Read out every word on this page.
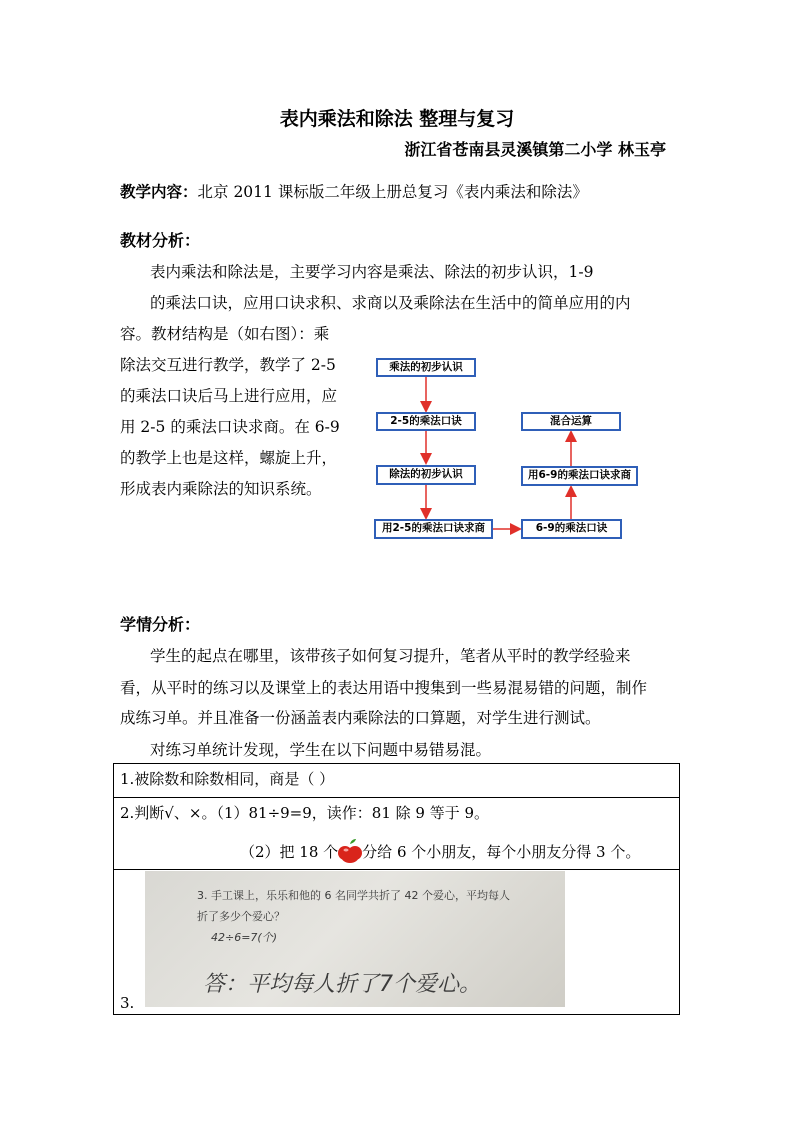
表内乘法和除法 整理与复习
浙江省苍南县灵溪镇第二小学 林玉亭
教学内容：北京 2011 课标版二年级上册总复习《表内乘法和除法》
教材分析：
表内乘法和除法是，主要学习内容是乘法、除法的初步认识，1-9
的乘法口诀，应用口诀求积、求商以及乘除法在生活中的简单应用的内
容。教材结构是（如右图）：乘
除法交互进行教学，教学了 2-5
的乘法口诀后马上进行应用，应
用 2-5 的乘法口诀求商。在 6-9
的教学上也是这样，螺旋上升，
形成表内乘除法的知识系统。
乘法的初步认识
2-5的乘法口诀
除法的初步认识
用2-5的乘法口诀求商	6-9的乘法口诀
用6-9的乘法口诀求商
混合运算
学情分析：
学生的起点在哪里，该带孩子如何复习提升，笔者从平时的教学经验来
看，从平时的练习以及课堂上的表达用语中搜集到一些易混易错的问题，制作
成练习单。并且准备一份涵盖表内乘除法的口算题，对学生进行测试。
对练习单统计发现，学生在以下问题中易错易混。
1.被除数和除数相同，商是（ ）

2.判断√、×。（1）81÷9=9，读作：81 除 9 等于 9。
（2）把 18 个 分给 6 个小朋友，每个小朋友分得 3 个。

3.
3. 手工课上，乐乐和他的 6 名同学共折了 42 个爱心，平均每人
折了多少个爱心？
42÷6=7(个)
答：平均每人折了7个爱心。
